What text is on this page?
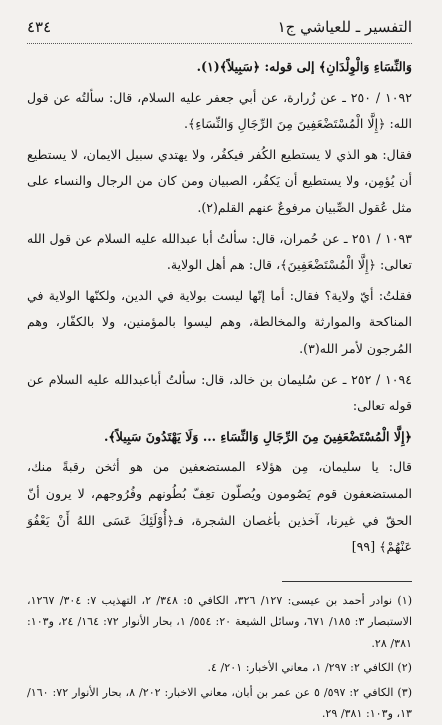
التفسير ـ للعياشي ج١
٤٣٤

وَالنِّسَاءِ وَالْوِلْدَانِ﴾ إلى قوله: ﴿سَبِيلاً﴾(١).

١٠٩٢ / ٢٥٠ ـ عن زُرارة، عن أبي جعفر عليه السلام، قال: سألتُه عن قول الله: ﴿إِلَّا الْمُسْتَضْعَفِينَ مِنَ الرِّجَالِ وَالنِّسَاءِ﴾.

فقال: هو الذي لا يستطيع الكُفر فيكفُر، ولا يهتدي سبيل الايمان، لا يستطيع أن يُؤمِن، ولا يستطيع أن يَكفُر، الصبيان ومن كان من الرجال والنساء على مثل عُقول الصِّبيان مرفوعٌ عنهم القلم(٢).

١٠٩٣ / ٢٥١ ـ عن حُمران، قال: سألتُ أبا عبدالله عليه السلام عن قول الله تعالى: ﴿إِلَّا الْمُسْتَضْعَفِينَ﴾، قال: هم أهل الولاية.

فقلتُ: أيّ ولاية؟ فقال: أما إنّها ليست بولاية في الدين، ولكنّها الولاية في المناكحة والموارثة والمخالطة، وهم ليسوا بالمؤمنين، ولا بالكفّار، وهم المُرجون لأمر الله(٣).

١٠٩٤ / ٢٥٢ ـ عن سُليمان بن خالد، قال: سألتُ أباعبدالله عليه السلام عن قوله تعالى:

﴿إِلَّا الْمُسْتَضْعَفِينَ مِنَ الرِّجَالِ وَالنِّسَاءِ ... وَلَا يَهْتَدُونَ سَبِيلاً﴾.

قال: يا سليمان، مِن هؤلاء المستضعفين من هو أثخن رقبةً منك، المستضعفون قوم يَصُومون ويُصلّون تعِفّ بُطُونهم وفُرُوجهم، لا يرون أنّ الحقّ في غيرنا، آخذين بأغصان الشجرة، فـ﴿أُوْلَئِكَ عَسَى اللهُ أَنْ يَعْفُوَ عَنْهُمْ﴾ [٩٩]

(١) نوادر أحمد بن عيسى: ١٢٧/ ٣٢٦، الكافي ٥: ٣٤٨/ ٢، التهذيب ٧: ٣٠٤/ ١٢٦٧، الاستبصار ٣: ١٨٥/ ٦٧١، وسائل الشيعة ٢٠: ٥٥٤/ ١، بحار الأنوار ٧٢: ١٦٤/ ٢٤، و١٠٣: ٣٨١/ ٢٨.

(٢) الكافي ٢: ٢٩٧/ ١، معاني الأخبار: ٢٠١/ ٤.

(٣) الكافي ٢: ٥٩٧/ ٥ عن عمر بن أبان، معاني الاخبار: ٢٠٢/ ٨، بحار الأنوار ٧٢: ١٦٠/ ١٣، و١٠٣: ٣٨١/ ٢٩.
